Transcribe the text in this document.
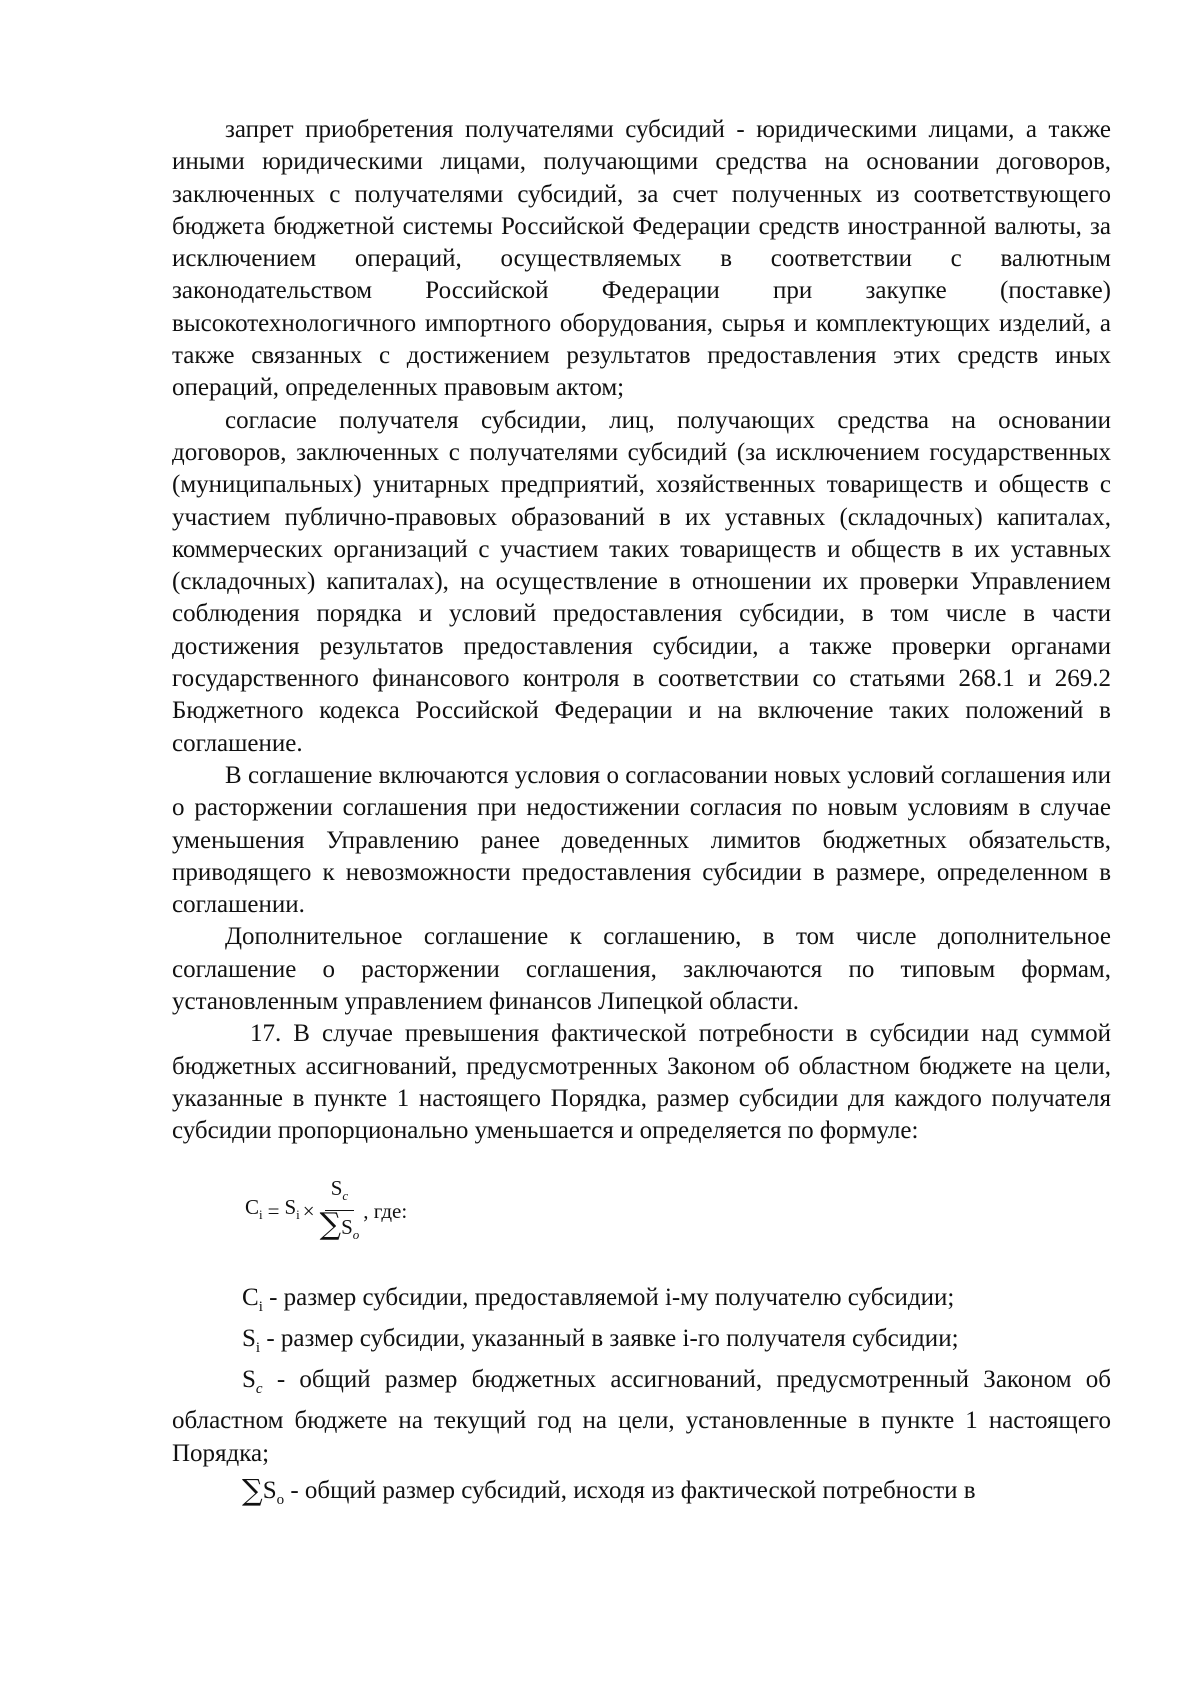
запрет приобретения получателями субсидий - юридическими лицами, а также иными юридическими лицами, получающими средства на основании договоров, заключенных с получателями субсидий, за счет полученных из соответствующего бюджета бюджетной системы Российской Федерации средств иностранной валюты, за исключением операций, осуществляемых в соответствии с валютным законодательством Российской Федерации при закупке (поставке) высокотехнологичного импортного оборудования, сырья и комплектующих изделий, а также связанных с достижением результатов предоставления этих средств иных операций, определенных правовым актом;

согласие получателя субсидии, лиц, получающих средства на основании договоров, заключенных с получателями субсидий (за исключением государственных (муниципальных) унитарных предприятий, хозяйственных товариществ и обществ с участием публично-правовых образований в их уставных (складочных) капиталах, коммерческих организаций с участием таких товариществ и обществ в их уставных (складочных) капиталах), на осуществление в отношении их проверки Управлением соблюдения порядка и условий предоставления субсидии, в том числе в части достижения результатов предоставления субсидии, а также проверки органами государственного финансового контроля в соответствии со статьями 268.1 и 269.2 Бюджетного кодекса Российской Федерации и на включение таких положений в соглашение.

В соглашение включаются условия о согласовании новых условий соглашения или о расторжении соглашения при недостижении согласия по новым условиям в случае уменьшения Управлению ранее доведенных лимитов бюджетных обязательств, приводящего к невозможности предоставления субсидии в размере, определенном в соглашении.

Дополнительное соглашение к соглашению, в том числе дополнительное соглашение о расторжении соглашения, заключаются по типовым формам, установленным управлением финансов Липецкой области.

17. В случае превышения фактической потребности в субсидии над суммой бюджетных ассигнований, предусмотренных Законом об областном бюджете на цели, указанные в пункте 1 настоящего Порядка, размер субсидии для каждого получателя субсидии пропорционально уменьшается и определяется по формуле:

$C_i = S_i \times \frac{S_c}{\sum S_o}$ , где:

$C_i$ - размер субсидии, предоставляемой i-му получателю субсидии;

$S_i$ - размер субсидии, указанный в заявке i-го получателя субсидии;

$S_c$ - общий размер бюджетных ассигнований, предусмотренный Законом об областном бюджете на текущий год на цели, установленные в пункте 1 настоящего Порядка;

$\sum S_o$ - общий размер субсидий, исходя из фактической потребности в
